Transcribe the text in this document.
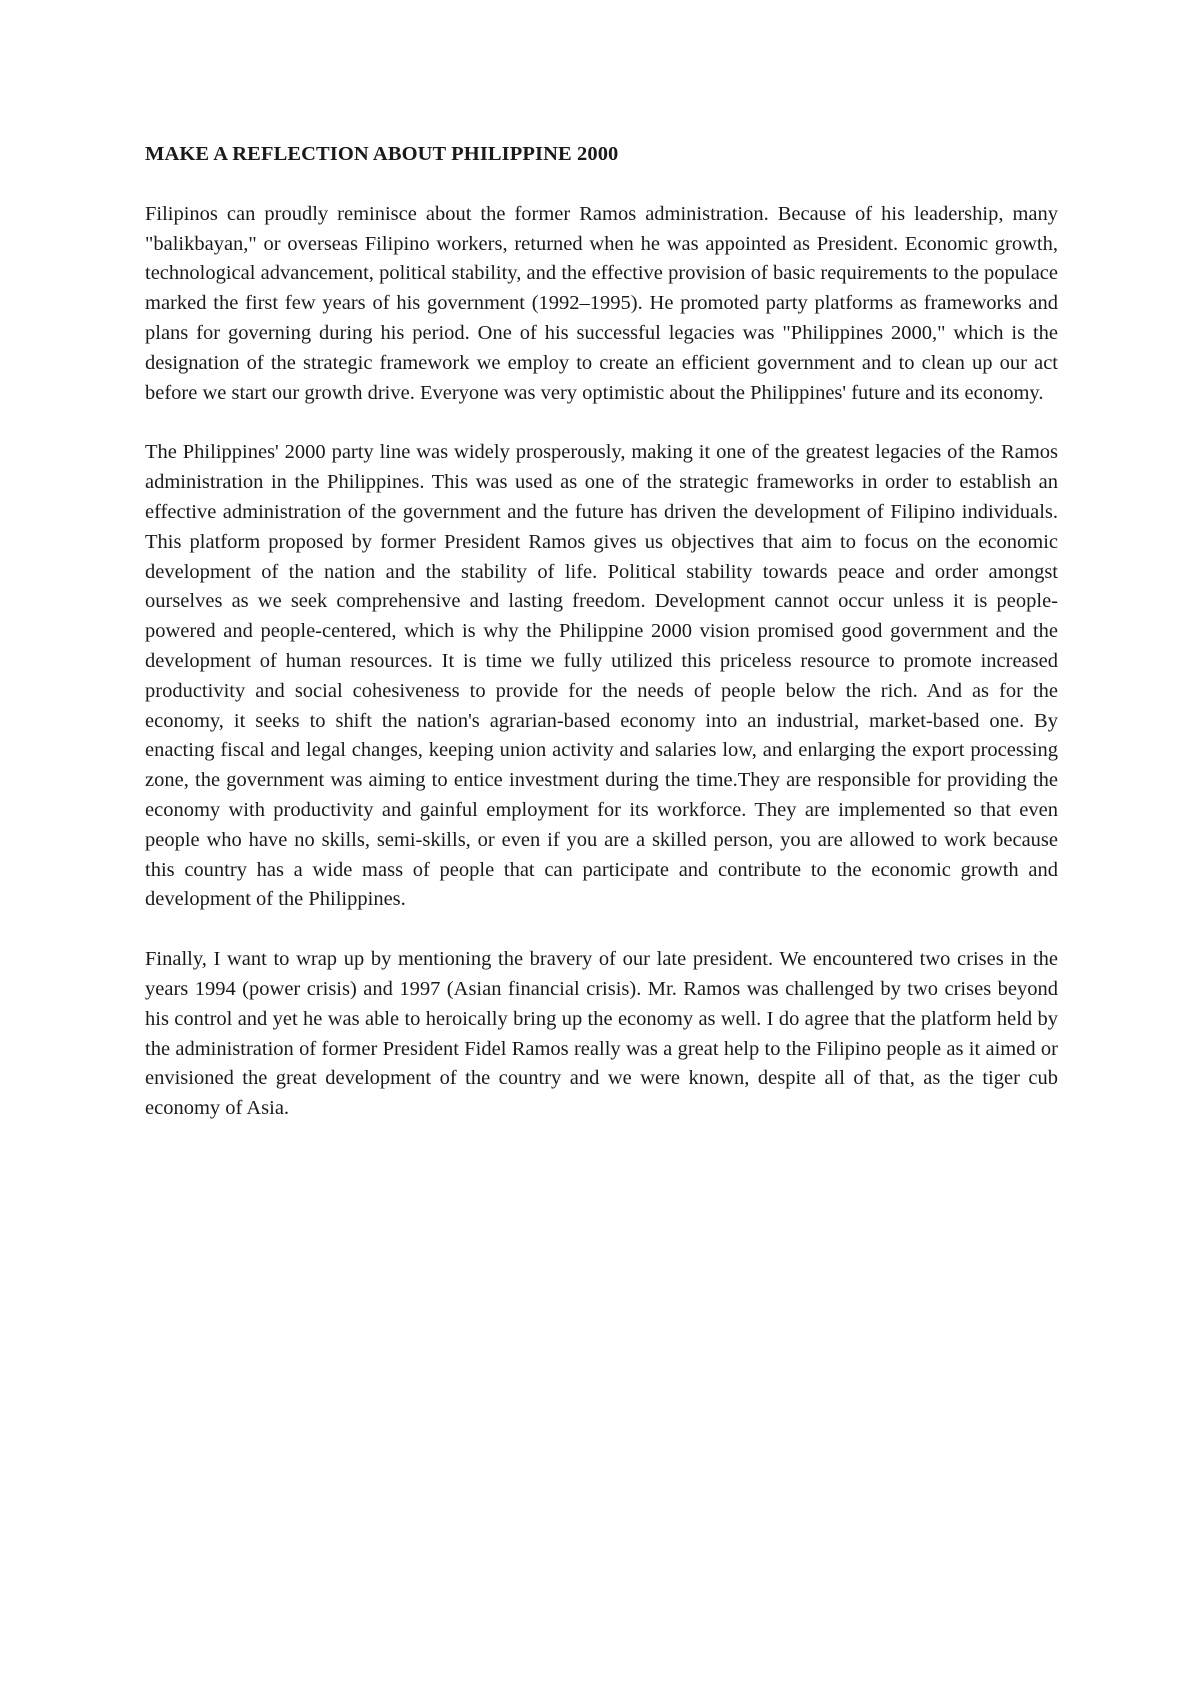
MAKE A REFLECTION ABOUT PHILIPPINE 2000

Filipinos can proudly reminisce about the former Ramos administration. Because of his leadership, many "balikbayan," or overseas Filipino workers, returned when he was appointed as President. Economic growth, technological advancement, political stability, and the effective provision of basic requirements to the populace marked the first few years of his government (1992–1995). He promoted party platforms as frameworks and plans for governing during his period. One of his successful legacies was "Philippines 2000," which is the designation of the strategic framework we employ to create an efficient government and to clean up our act before we start our growth drive. Everyone was very optimistic about the Philippines' future and its economy.

The Philippines' 2000 party line was widely prosperously, making it one of the greatest legacies of the Ramos administration in the Philippines. This was used as one of the strategic frameworks in order to establish an effective administration of the government and the future has driven the development of Filipino individuals. This platform proposed by former President Ramos gives us objectives that aim to focus on the economic development of the nation and the stability of life. Political stability towards peace and order amongst ourselves as we seek comprehensive and lasting freedom. Development cannot occur unless it is people-powered and people-centered, which is why the Philippine 2000 vision promised good government and the development of human resources. It is time we fully utilized this priceless resource to promote increased productivity and social cohesiveness to provide for the needs of people below the rich. And as for the economy, it seeks to shift the nation's agrarian-based economy into an industrial, market-based one. By enacting fiscal and legal changes, keeping union activity and salaries low, and enlarging the export processing zone, the government was aiming to entice investment during the time.They are responsible for providing the economy with productivity and gainful employment for its workforce. They are implemented so that even people who have no skills, semi-skills, or even if you are a skilled person, you are allowed to work because this country has a wide mass of people that can participate and contribute to the economic growth and development of the Philippines.

Finally, I want to wrap up by mentioning the bravery of our late president. We encountered two crises in the years 1994 (power crisis) and 1997 (Asian financial crisis). Mr. Ramos was challenged by two crises beyond his control and yet he was able to heroically bring up the economy as well. I do agree that the platform held by the administration of former President Fidel Ramos really was a great help to the Filipino people as it aimed or envisioned the great development of the country and we were known, despite all of that, as the tiger cub economy of Asia.
